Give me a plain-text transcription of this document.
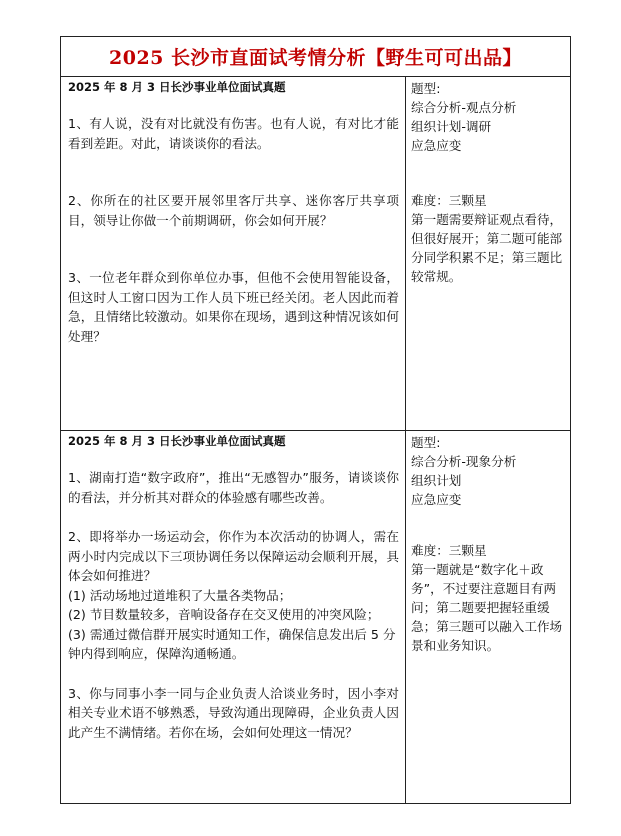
2025 长沙市直面试考情分析【野生可可出品】

2025 年 8 月 3 日长沙事业单位面试真题

1、有人说，没有对比就没有伤害。也有人说，有对比才能看到差距。对此，请谈谈你的看法。

2、你所在的社区要开展邻里客厅共享、迷你客厅共享项目，领导让你做一个前期调研，你会如何开展？

3、一位老年群众到你单位办事，但他不会使用智能设备，但这时人工窗口因为工作人员下班已经关闭。老人因此而着急，且情绪比较激动。如果你在现场，遇到这种情况该如何处理？

题型:

综合分析-观点分析

组织计划-调研

应急应变

难度：三颗星

第一题需要辩证观点看待，但很好展开；第二题可能部分同学积累不足；第三题比较常规。

2025 年 8 月 3 日长沙事业单位面试真题

1、湖南打造“数字政府”，推出“无感智办”服务，请谈谈你的看法，并分析其对群众的体验感有哪些改善。

2、即将举办一场运动会，你作为本次活动的协调人，需在两小时内完成以下三项协调任务以保障运动会顺利开展，具体会如何推进？

(1) 活动场地过道堆积了大量各类物品；

(2) 节目数量较多，音响设备存在交叉使用的冲突风险；

(3) 需通过微信群开展实时通知工作，确保信息发出后 5 分钟内得到响应，保障沟通畅通。

3、你与同事小李一同与企业负责人洽谈业务时，因小李对相关专业术语不够熟悉，导致沟通出现障碍，企业负责人因此产生不满情绪。若你在场，会如何处理这一情况？

题型:

综合分析-现象分析

组织计划

应急应变

难度：三颗星

第一题就是“数字化＋政务”，不过要注意题目有两问；第二题要把握轻重缓急；第三题可以融入工作场景和业务知识。
